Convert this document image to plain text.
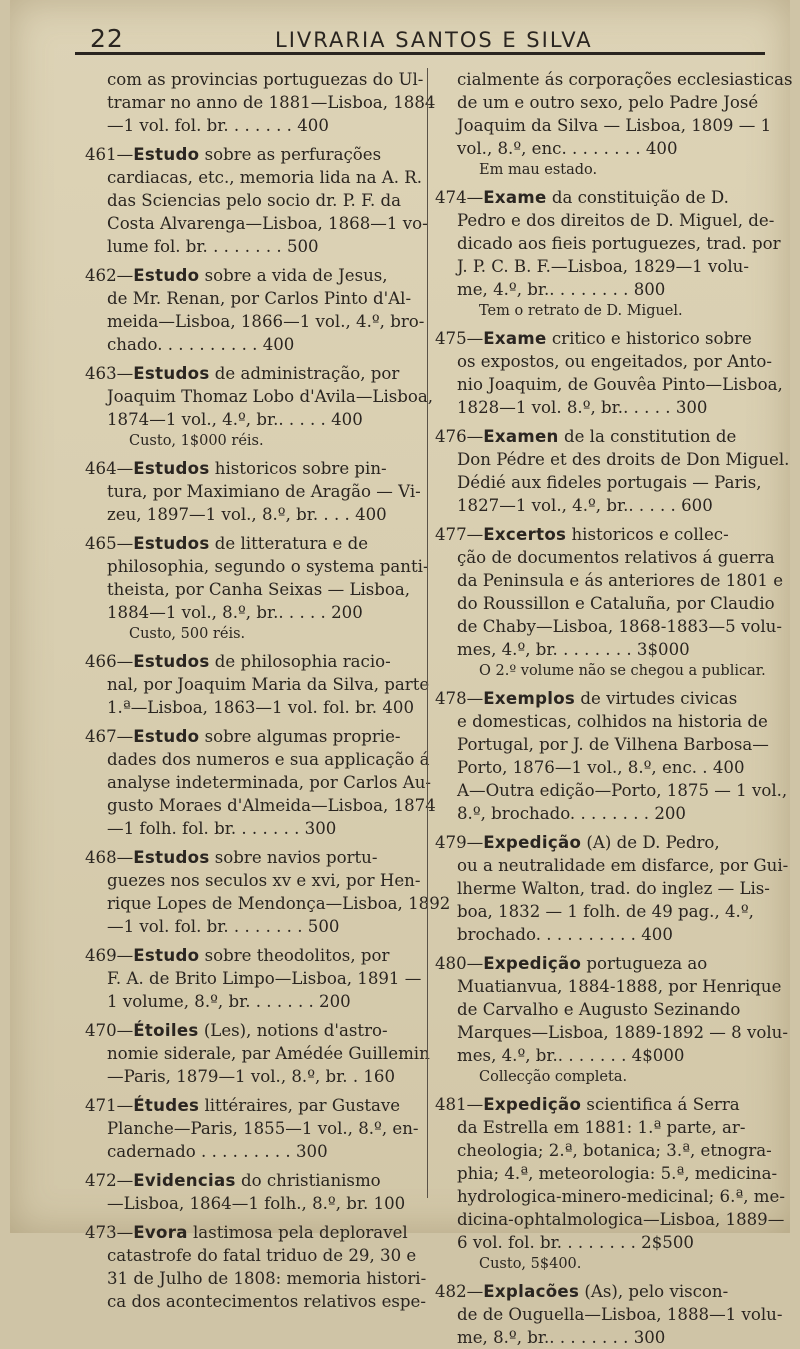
22	LIVRARIA SANTOS E SILVA
com as provincias portuguezas do Ul-
tramar no anno de 1881—Lisboa, 1884
—1 vol. fol. br. . . . . . . 400
461—Estudo sobre as perfurações
cardiacas, etc., memoria lida na A. R.
das Sciencias pelo socio dr. P. F. da
Costa Alvarenga—Lisboa, 1868—1 vo-
lume fol. br. . . . . . . . 500
462—Estudo sobre a vida de Jesus,
de Mr. Renan, por Carlos Pinto d'Al-
meida—Lisboa, 1866—1 vol., 4.º, bro-
chado. . . . . . . . . . 400
463—Estudos de administração, por
Joaquim Thomaz Lobo d'Avila—Lisboa,
1874—1 vol., 4.º, br.. . . . . 400
Custo, 1$000 réis.
464—Estudos historicos sobre pin-
tura, por Maximiano de Aragão — Vi-
zeu, 1897—1 vol., 8.º, br. . . . 400
465—Estudos de litteratura e de
philosophia, segundo o systema panti-
theista, por Canha Seixas — Lisboa,
1884—1 vol., 8.º, br.. . . . . 200
Custo, 500 réis.
466—Estudos de philosophia racio-
nal, por Joaquim Maria da Silva, parte
1.ª—Lisboa, 1863—1 vol. fol. br. 400
467—Estudo sobre algumas proprie-
dades dos numeros e sua applicação á
analyse indeterminada, por Carlos Au-
gusto Moraes d'Almeida—Lisboa, 1874
—1 folh. fol. br. . . . . . . 300
468—Estudos sobre navios portu-
guezes nos seculos xv e xvi, por Hen-
rique Lopes de Mendonça—Lisboa, 1892
—1 vol. fol. br. . . . . . . . 500
469—Estudo sobre theodolitos, por
F. A. de Brito Limpo—Lisboa, 1891 —
1 volume, 8.º, br. . . . . . . 200
470—Étoiles (Les), notions d'astro-
nomie siderale, par Amédée Guillemin
—Paris, 1879—1 vol., 8.º, br. . 160
471—Études littéraires, par Gustave
Planche—Paris, 1855—1 vol., 8.º, en-
cadernado . . . . . . . . . 300
472—Evidencias do christianismo
—Lisboa, 1864—1 folh., 8.º, br. 100
473—Evora lastimosa pela deploravel
catastrofe do fatal triduo de 29, 30 e
31 de Julho de 1808: memoria histori-
ca dos acontecimentos relativos espe-
cialmente ás corporações ecclesiasticas
de um e outro sexo, pelo Padre José
Joaquim da Silva — Lisboa, 1809 — 1
vol., 8.º, enc. . . . . . . . 400
Em mau estado.
474—Exame da constituição de D.
Pedro e dos direitos de D. Miguel, de-
dicado aos fieis portuguezes, trad. por
J. P. C. B. F.—Lisboa, 1829—1 volu-
me, 4.º, br.. . . . . . . . 800
Tem o retrato de D. Miguel.
475—Exame critico e historico sobre
os expostos, ou engeitados, por Anto-
nio Joaquim, de Gouvêa Pinto—Lisboa,
1828—1 vol. 8.º, br.. . . . . 300
476—Examen de la constitution de
Don Pédre et des droits de Don Miguel.
Dédié aux fideles portugais — Paris,
1827—1 vol., 4.º, br.. . . . . 600
477—Excertos historicos e collec-
ção de documentos relativos á guerra
da Peninsula e ás anteriores de 1801 e
do Roussillon e Cataluña, por Claudio
de Chaby—Lisboa, 1868-1883—5 volu-
mes, 4.º, br. . . . . . . . 3$000
O 2.º volume não se chegou a publicar.
478—Exemplos de virtudes civicas
e domesticas, colhidos na historia de
Portugal, por J. de Vilhena Barbosa—
Porto, 1876—1 vol., 8.º, enc. . 400
A—Outra edição—Porto, 1875 — 1 vol.,
8.º, brochado. . . . . . . . 200
479—Expedição (A) de D. Pedro,
ou a neutralidade em disfarce, por Gui-
lherme Walton, trad. do inglez — Lis-
boa, 1832 — 1 folh. de 49 pag., 4.º,
brochado. . . . . . . . . . 400
480—Expedição portugueza ao
Muatianvua, 1884-1888, por Henrique
de Carvalho e Augusto Sezinando
Marques—Lisboa, 1889-1892 — 8 volu-
mes, 4.º, br.. . . . . . . 4$000
Collecção completa.
481—Expedição scientifica á Serra
da Estrella em 1881: 1.ª parte, ar-
cheologia; 2.ª, botanica; 3.ª, etnogra-
phia; 4.ª, meteorologia: 5.ª, medicina-
hydrologica-minero-medicinal; 6.ª, me-
dicina-ophtalmologica—Lisboa, 1889—
6 vol. fol. br. . . . . . . . 2$500
Custo, 5$400.
482—Explacões (As), pelo viscon-
de de Ouguella—Lisboa, 1888—1 volu-
me, 8.º, br.. . . . . . . . 300
